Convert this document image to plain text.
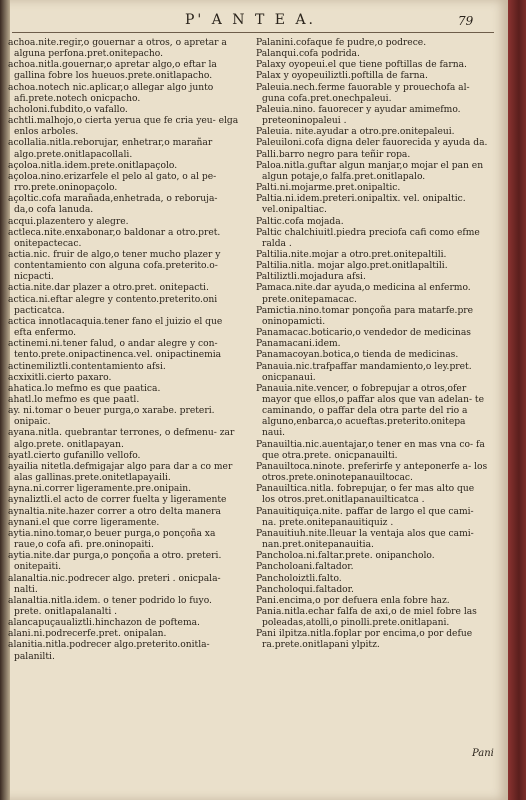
P' A N T E A.	79

achoa.nite.regir,o gouernar a otros, o apretar a alguna perfona.pret.onitepacho.

achoa.nitla.gouernar,o apretar algo,o eftar la gallina fobre los hueuos.prete.onitlapacho.

achoa.notech nic.aplicar,o allegar algo junto afi.prete.notech onicpacho.

acholoni.fubdito,o vafallo.

achtli.malhojo,o cierta yerua que fe cria yeu- elga enlos arboles.

acollalia.nitla.reborujar, enhetrar,o marañar algo.prete.onitlapacollali.

açoloa.nitla.idem.prete.onitlapaçolo.

açoloa.nino.erizarfele el pelo al gato, o al pe- rro.prete.oninopaçolo.

açoltic.cofa marañada,enhetrada, o reboruja- da,o cofa lanuda.

acqui.plazentero y alegre.

actleca.nite.enxabonar,o baldonar a otro.pret. onitepactecac.

actia.nic. fruir de algo,o tener mucho plazer y contentamiento con alguna cofa.preterito.o- nicpacti.

actia.nite.dar plazer a otro.pret. onitepacti.

actica.ni.eftar alegre y contento.preterito.oni pacticatca.

actica innotlacaquia.tener fano el juizio el que efta enfermo.

actinemi.ni.tener falud, o andar alegre y con- tento.prete.onipactinenca.vel. onipactinemia

actinemiliztli.contentamiento afsi.

acxixitli.cierto paxaro.

ahatica.lo mefmo es que paatica.

ahatl.lo mefmo es que paatl.

ay. ni.tomar o beuer purga,o xarabe. preteri. onipaic.

ayana.nitla. quebrantar terrones, o defmenu- zar algo.prete. onitlapayan.

ayatl.cierto gufanillo vellofo.

ayailia nitetla.defmigajar algo para dar a co mer alas gallinas.prete.onitetlapayaili.

ayna.ni.correr ligeramente.pre.onipain.

aynaliztli.el acto de correr fuelta y ligeramente

aynaltia.nite.hazer correr a otro delta manera

aynani.el que corre ligeramente.

aytia.nino.tomar,o beuer purga,o ponçoña xa raue,o cofa afi. pre.oninopaiti.

aytia.nite.dar purga,o ponçoña a otro. preteri. onitepaiti.

alanaltia.nic.podrecer algo. preteri . onicpala- nalti.

alanaltia.nitla.idem. o tener podrido lo fuyo. prete. onitlapalanalti .

alancapuçaualiztli.hinchazon de poftema.

alani.ni.podrecerfe.pret. onipalan.

alanitia.nitla.podrecer algo.preterito.onitla- palanilti.

Palanini.cofaque fe pudre,o podrece.

Palanqui.cofa podrida.

Palaxy oyopeui.el que tiene poftillas de farna.

Palax y oyopeuiliztli.poftilla de farna.

Paleuia.nech.ferme fauorable y prouechofa al- guna cofa.pret.onechpaleui.

Paleuia.nino. fauorecer y ayudar amimefmo. preteoninopaleui .

Paleuia. nite.ayudar a otro.pre.onitepaleui.

Paleuiloni.cofa digna deler fauorecida y ayuda da.

Palli.barro negro para teñir ropa.

Paloa.nitla.guftar algun manjar,o mojar el pan en algun potaje,o falfa.pret.onitlapalo.

Palti.ni.mojarme.pret.onipaltic.

Paltia.ni.idem.preteri.onipaltix. vel. onipaltic. vel.onipaltiac.

Paltic.cofa mojada.

Paltic chalchiuitl.piedra preciofa cafi como efme ralda .

Paltilia.nite.mojar a otro.pret.onitepaltili.

Paltilia.nitla. mojar algo.pret.onitlapaltili.

Paltiliztli.mojadura afsi.

Pamaca.nite.dar ayuda,o medicina al enfermo. prete.onitepamacac.

Pamictia.nino.tomar ponçoña para matarfe.pre oninopamicti.

Panamacac.boticario,o vendedor de medicinas

Panamacani.idem.

Panamacoyan.botica,o tienda de medicinas.

Panauia.nic.trafpaffar mandamiento,o ley.pret. onicpanaui.

Panauia.nite.vencer, o fobrepujar a otros,ofer mayor que ellos,o paffar alos que van adelan- te caminando, o paffar dela otra parte del rio a alguno,enbarca,o acueftas.preterito.onitepa naui.

Panauiltia.nic.auentajar,o tener en mas vna co- fa que otra.prete. onicpanauilti.

Panauiltoca.ninote. preferirfe y anteponerfe a- los otros.prete.oninotepanauiltocac.

Panauiltica.nitla. fobrepujar, o fer mas alto que los otros.pret.onitlapanauilticatca .

Panauitiquiça.nite. paffar de largo el que cami- na. prete.onitepanauitiquiz .

Panauitiuh.nite.lleuar la ventaja alos que cami- nan.pret.onitepanauitia.

Pancholoa.ni.faltar.prete. onipancholo.

Pancholoani.faltador.

Pancholoiztli.falto.

Pancholoqui.faltador.

Pani.encima,o por defuera enla fobre haz.

Pania.nitla.echar falfa de axi,o de miel fobre las poleadas,atolli,o pinolli.prete.onitlapani.

Pani ilpitza.nitla.foplar por encima,o por defue ra.prete.onitlapani ylpitz.

Pani
